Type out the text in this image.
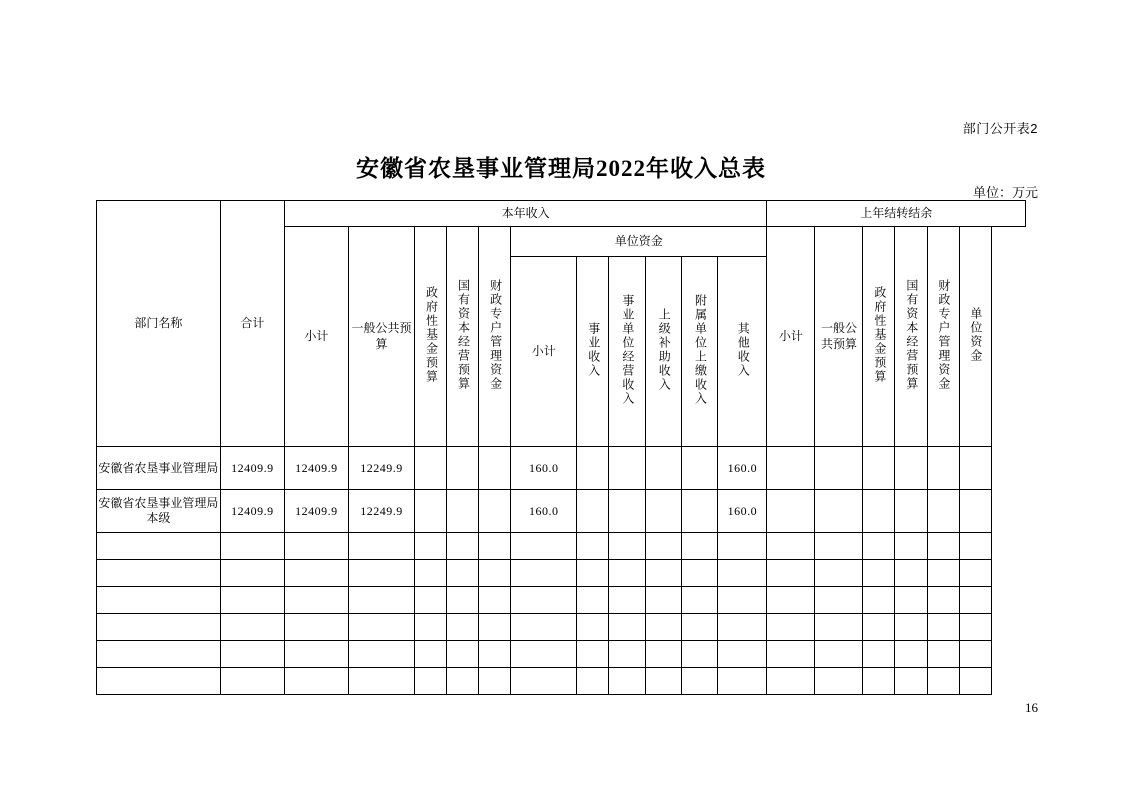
部门公开表2
安徽省农垦事业管理局2022年收入总表
单位：万元
部门名称	合计	本年收入											上年结转结余					
		小计	一般公共预算	政府性基金预算	国有资本经营预算	财政专户管理资金	单位资金						小计	一般公共预算	政府性基金预算	国有资本经营预算	财政专户管理资金	单位资金
							小计	事业收入	事业单位经营收入	上级补助收入	附属单位上缴收入	其他收入						

安徽省农垦事业管理局	12409.9	12409.9	12249.9				160.0					160.0						
安徽省农垦事业管理局本级	12409.9	12409.9	12249.9				160.0					160.0						

16
